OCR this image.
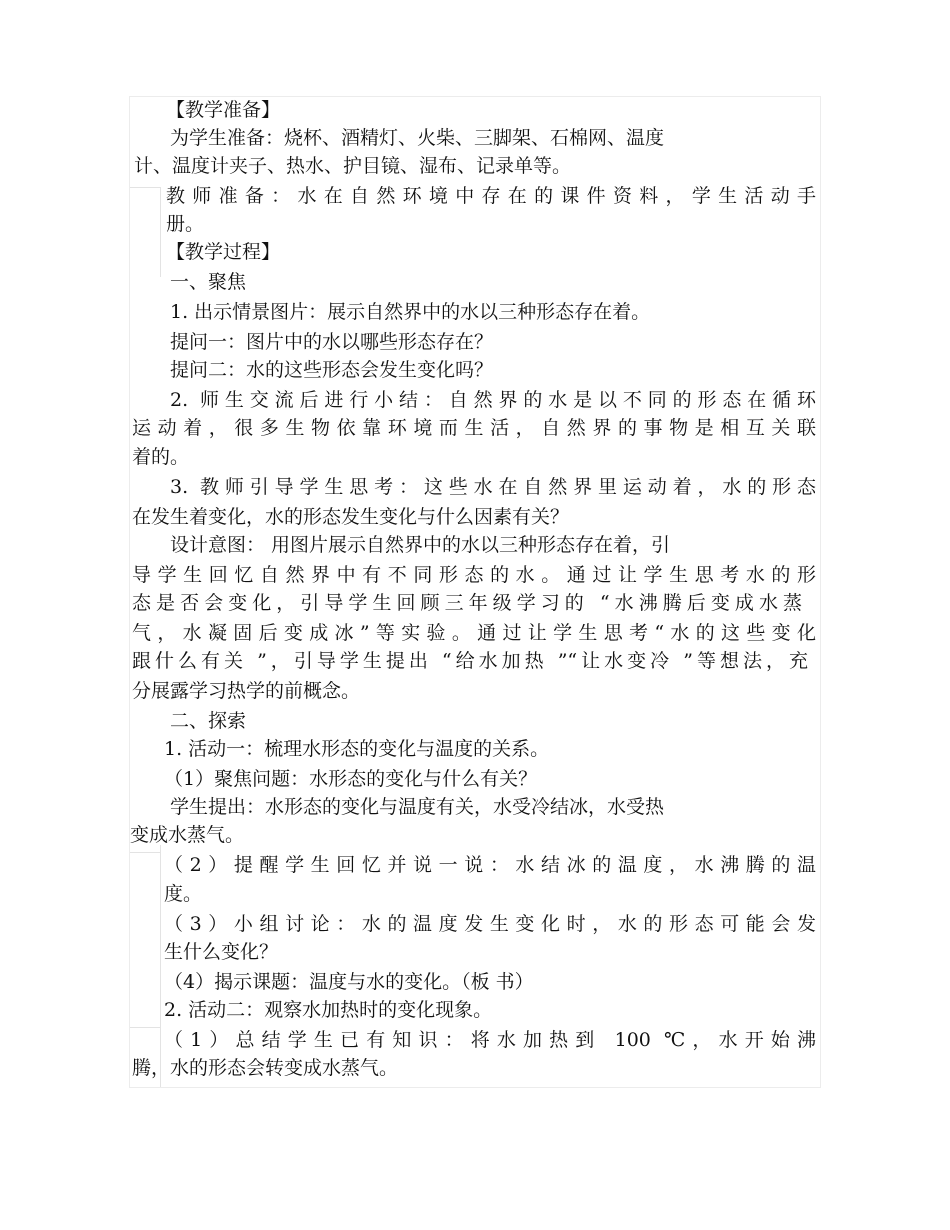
【教学准备】
为学生准备：烧杯、酒精灯、火柴、三脚架、石棉网、温度
计、温度计夹子、热水、护目镜、湿布、记录单等。
教师准备：水在自然环境中存在的课件资料，学生活动手
册。
【教学过程】
一、聚焦
1. 出示情景图片：展示自然界中的水以三种形态存在着。
提问一：图片中的水以哪些形态存在？
提问二：水的这些形态会发生变化吗？
2. 师生交流后进行小结：自然界的水是以不同的形态在循环
运动着，很多生物依靠环境而生活，自然界的事物是相互关联
着的。
3. 教师引导学生思考：这些水在自然界里运动着，水的形态
在发生着变化，水的形态发生变化与什么因素有关？
设计意图： 用图片展示自然界中的水以三种形态存在着，引
导学生回忆自然界中有不同形态的水。通过让学生思考水的形
态是否会变化，引导学生回顾三年级学习的 “水沸腾后变成水蒸
气，水凝固后变成冰”等实验。通过让学生思考“水的这些变化
跟什么有关 ”，引导学生提出 “给水加热 ”“让水变冷 ”等想法，充
分展露学习热学的前概念。
二、探索
1. 活动一：梳理水形态的变化与温度的关系。
（1）聚焦问题：水形态的变化与什么有关？
学生提出：水形态的变化与温度有关，水受冷结冰，水受热
变成水蒸气。
（2）提醒学生回忆并说一说：水结冰的温度，水沸腾的温
度。
（3）小组讨论：水的温度发生变化时，水的形态可能会发
生什么变化？
（4）揭示课题：温度与水的变化。（板 书）
2. 活动二：观察水加热时的变化现象。
（1）总结学生已有知识：将水加热到 100 ℃，水开始沸
腾，水的形态会转变成水蒸气。
